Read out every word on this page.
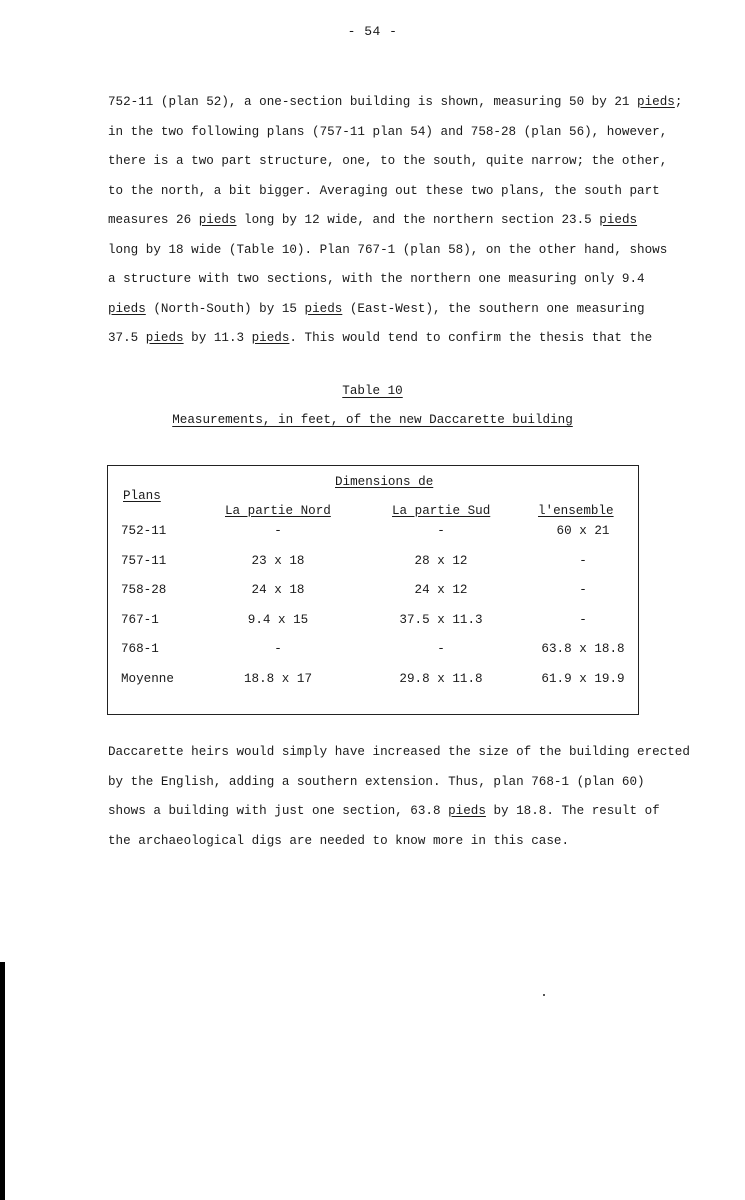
- 54 -
752-11 (plan 52), a one-section building is shown, measuring 50 by 21 pieds;
in the two following plans (757-11 plan 54) and 758-28 (plan 56), however,
there is a two part structure, one, to the south, quite narrow; the other,
to the north, a bit bigger. Averaging out these two plans, the south part
measures 26 pieds long by 12 wide, and the northern section 23.5 pieds
long by 18 wide (Table 10). Plan 767-1 (plan 58), on the other hand, shows
a structure with two sections, with the northern one measuring only 9.4
pieds (North-South) by 15 pieds (East-West), the southern one measuring
37.5 pieds by 11.3 pieds. This would tend to confirm the thesis that the
Table 10
Measurements, in feet, of the new Daccarette building
Dimensions de
Plans
La partie Nord	La partie Sud	l'ensemble
752-11	-	-	60 x 21
757-11	23 x 18	28 x 12	-
758-28	24 x 18	24 x 12	-
767-1	9.4 x 15	37.5 x 11.3	-
768-1	-	-	63.8 x 18.8
Moyenne	18.8 x 17	29.8 x 11.8	61.9 x 19.9
Daccarette heirs would simply have increased the size of the building erected
by the English, adding a southern extension. Thus, plan 768-1 (plan 60)
shows a building with just one section, 63.8 pieds by 18.8. The result of
the archaeological digs are needed to know more in this case.
